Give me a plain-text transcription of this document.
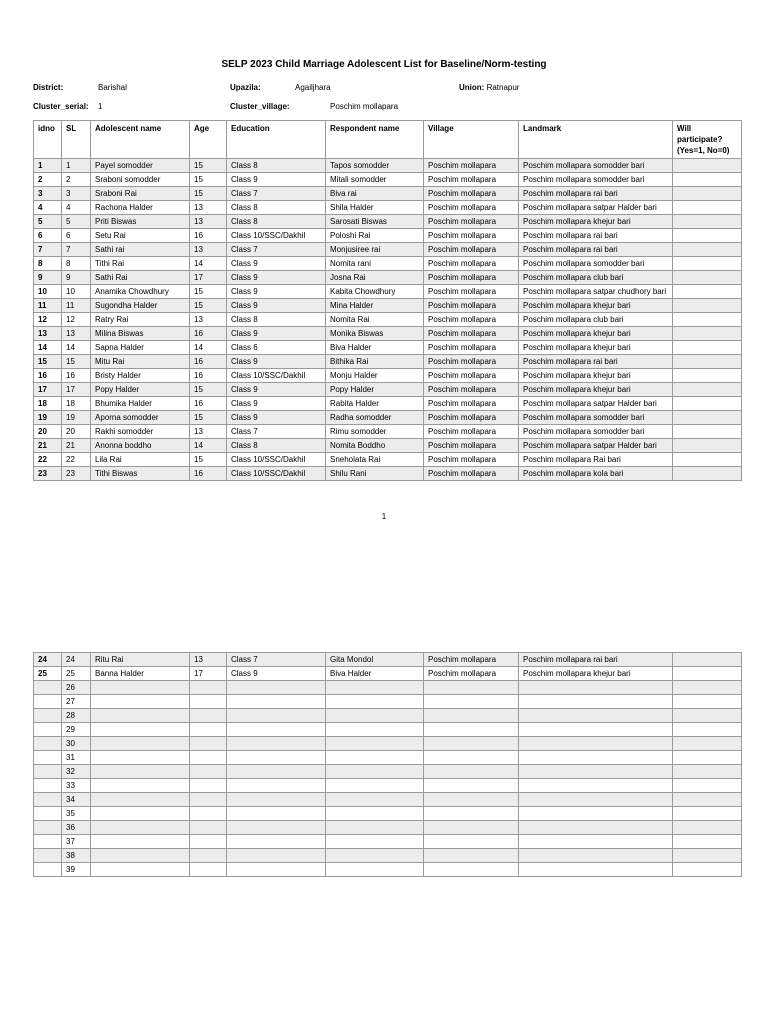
SELP 2023 Child Marriage Adolescent List for Baseline/Norm-testing
District:	Barishal	Upazila:	Agailjhara	Union: Ratnapur
Cluster_serial: 1	Cluster_village:	Poschim mollapara
idno	SL	Adolescent name	Age	Education	Respondent name	Village	Landmark	Will participate? (Yes=1, No=0)
1	1	Payel somodder	15	Class 8	Tapos somodder	Poschim mollapara	Poschim mollapara somodder bari	
2	2	Sraboni somodder	15	Class 9	Mitali somodder	Poschim mollapara	Poschim mollapara somodder bari	
3	3	Sraboni Rai	15	Class 7	Biva rai	Poschim mollapara	Poschim mollapara rai bari	
4	4	Rachona Halder	13	Class 8	Shila Halder	Poschim mollapara	Poschim mollapara satpar Halder bari	
5	5	Priti Biswas	13	Class 8	Sarosati Biswas	Poschim mollapara	Poschim mollapara khejur bari	
6	6	Setu Rai	16	Class 10/SSC/Dakhil	Poloshi Rai	Poschim mollapara	Poschim mollapara rai bari	
7	7	Sathi rai	13	Class 7	Monjusiree rai	Poschim mollapara	Poschim mollapara rai bari	
8	8	Tithi Rai	14	Class 9	Nomita rani	Poschim mollapara	Poschim mollapara somodder bari	
9	9	Sathi Rai	17	Class 9	Josna Rai	Poschim mollapara	Poschim mollapara club bari	
10	10	Anamika Chowdhury	15	Class 9	Kabita Chowdhury	Poschim mollapara	Poschim mollapara satpar chudhory bari	
11	11	Sugondha Halder	15	Class 9	Mina Halder	Poschim mollapara	Poschim mollapara khejur bari	
12	12	Ratry Rai	13	Class 8	Nomita Rai	Poschim mollapara	Poschim mollapara club bari	
13	13	Milina Biswas	16	Class 9	Monika Biswas	Poschim mollapara	Poschim mollapara khejur bari	
14	14	Sapna Halder	14	Class 6	Biva Halder	Poschim mollapara	Poschim mollapara khejur bari	
15	15	Mitu Rai	16	Class 9	Bithika Rai	Poschim mollapara	Poschim mollapara rai bari	
16	16	Bristy Halder	16	Class 10/SSC/Dakhil	Monju Halder	Poschim mollapara	Poschim mollapara khejur bari	
17	17	Popy Halder	15	Class 9	Popy Halder	Poschim mollapara	Poschim mollapara khejur bari	
18	18	Bhumika Halder	16	Class 9	Rabita Halder	Poschim mollapara	Poschim mollapara satpar Halder bari	
19	19	Aporna somodder	15	Class 9	Radha somodder	Poschim mollapara	Poschim mollapara somodder bari	
20	20	Rakhi somodder	13	Class 7	Rimu somodder	Poschim mollapara	Poschim mollapara somodder bari	
21	21	Anonna boddho	14	Class 8	Nomita Boddho	Poschim mollapara	Poschim mollapara satpar Halder bari	
22	22	Lila Rai	15	Class 10/SSC/Dakhil	Sneholata Rai	Poschim mollapara	Poschim mollapara Rai bari	
23	23	Tithi Biswas	16	Class 10/SSC/Dakhil	Shilu Rani	Poschim mollapara	Poschim mollapara kola bari	
1
24	24	Ritu Rai	13	Class 7	Gita Mondol	Poschim mollapara	Poschim mollapara rai bari	
25	25	Banna Halder	17	Class 9	Biva Halder	Poschim mollapara	Poschim mollapara khejur bari	
	26							
	27							
	28							
	29							
	30							
	31							
	32							
	33							
	34							
	35							
	36							
	37							
	38							
	39							
